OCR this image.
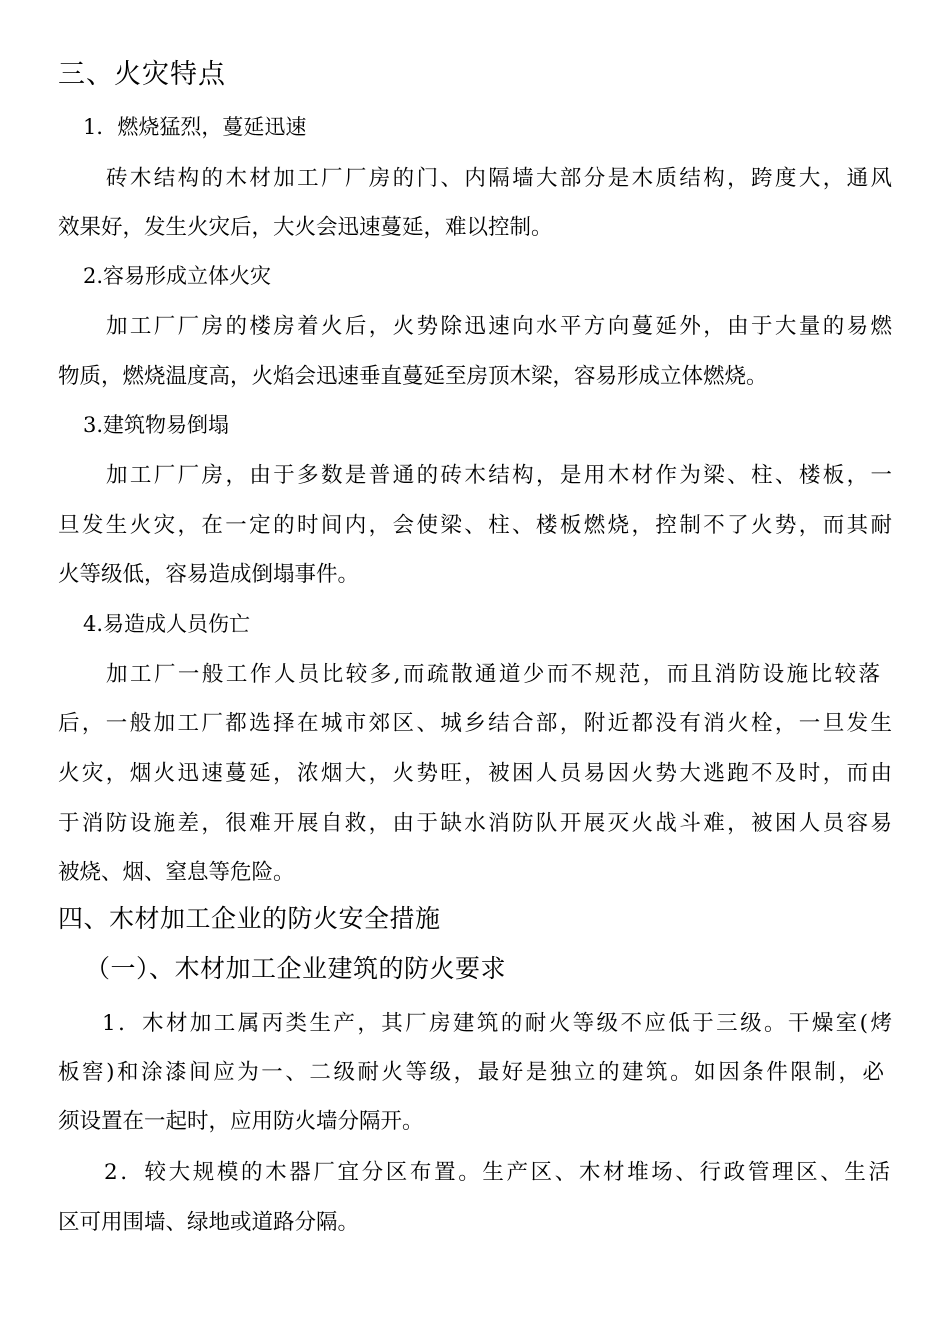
三、火灾特点
1．燃烧猛烈，蔓延迅速
砖木结构的木材加工厂厂房的门、内隔墙大部分是木质结构，跨度大，通风
效果好，发生火灾后，大火会迅速蔓延，难以控制。
2.容易形成立体火灾
加工厂厂房的楼房着火后，火势除迅速向水平方向蔓延外，由于大量的易燃
物质，燃烧温度高，火焰会迅速垂直蔓延至房顶木梁，容易形成立体燃烧。
3.建筑物易倒塌
加工厂厂房，由于多数是普通的砖木结构，是用木材作为梁、柱、楼板，一
旦发生火灾，在一定的时间内，会使梁、柱、楼板燃烧，控制不了火势，而其耐
火等级低，容易造成倒塌事件。
4.易造成人员伤亡
加工厂一般工作人员比较多,而疏散通道少而不规范，而且消防设施比较落
后，一般加工厂都选择在城市郊区、城乡结合部，附近都没有消火栓，一旦发生
火灾，烟火迅速蔓延，浓烟大，火势旺，被困人员易因火势大逃跑不及时，而由
于消防设施差，很难开展自救，由于缺水消防队开展灭火战斗难，被困人员容易
被烧、烟、窒息等危险。
四、木材加工企业的防火安全措施
（一）、木材加工企业建筑的防火要求
1．木材加工属丙类生产，其厂房建筑的耐火等级不应低于三级。干燥室(烤
板窖)和涂漆间应为一、二级耐火等级，最好是独立的建筑。如因条件限制，必
须设置在一起时，应用防火墙分隔开。
2．较大规模的木器厂宜分区布置。生产区、木材堆场、行政管理区、生活
区可用围墙、绿地或道路分隔。
